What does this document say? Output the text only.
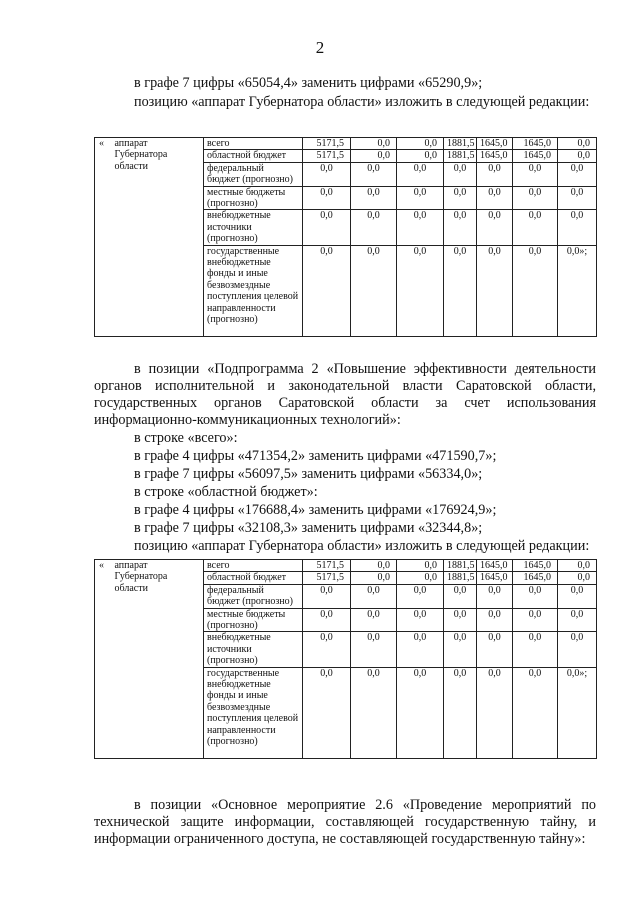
2

в графе 7 цифры «65054,4» заменить цифрами «65290,9»;

позицию «аппарат Губернатора области» изложить в следующей редакции:

«	аппарат Губернатора области	всего	5171,5	0,0	0,0	1881,5	1645,0	1645,0	0,0
		областной бюджет	5171,5	0,0	0,0	1881,5	1645,0	1645,0	0,0
		федеральный бюджет (прогнозно)	0,0	0,0	0,0	0,0	0,0	0,0	0,0
		местные бюджеты (прогнозно)	0,0	0,0	0,0	0,0	0,0	0,0	0,0
		внебюджетные источники (прогнозно)	0,0	0,0	0,0	0,0	0,0	0,0	0,0
		государственные внебюджетные фонды и иные безвозмездные поступления целевой направленности (прогнозно)	0,0	0,0	0,0	0,0	0,0	0,0	0,0»;

в позиции «Подпрограмма 2 «Повышение эффективности деятельности органов исполнительной и законодательной власти Саратовской области, государственных органов Саратовской области за счет использования информационно-коммуникационных технологий»:

в строке «всего»:

в графе 4 цифры «471354,2» заменить цифрами «471590,7»;

в графе 7 цифры «56097,5» заменить цифрами «56334,0»;

в строке «областной бюджет»:

в графе 4 цифры «176688,4» заменить цифрами «176924,9»;

в графе 7 цифры «32108,3» заменить цифрами «32344,8»;

позицию «аппарат Губернатора области» изложить в следующей редакции:

«	аппарат Губернатора области	всего	5171,5	0,0	0,0	1881,5	1645,0	1645,0	0,0
		областной бюджет	5171,5	0,0	0,0	1881,5	1645,0	1645,0	0,0
		федеральный бюджет (прогнозно)	0,0	0,0	0,0	0,0	0,0	0,0	0,0
		местные бюджеты (прогнозно)	0,0	0,0	0,0	0,0	0,0	0,0	0,0
		внебюджетные источники (прогнозно)	0,0	0,0	0,0	0,0	0,0	0,0	0,0
		государственные внебюджетные фонды и иные безвозмездные поступления целевой направленности (прогнозно)	0,0	0,0	0,0	0,0	0,0	0,0	0,0»;

в позиции «Основное мероприятие 2.6 «Проведение мероприятий по технической защите информации, составляющей государственную тайну, и информации ограниченного доступа, не составляющей государственную тайну»:
